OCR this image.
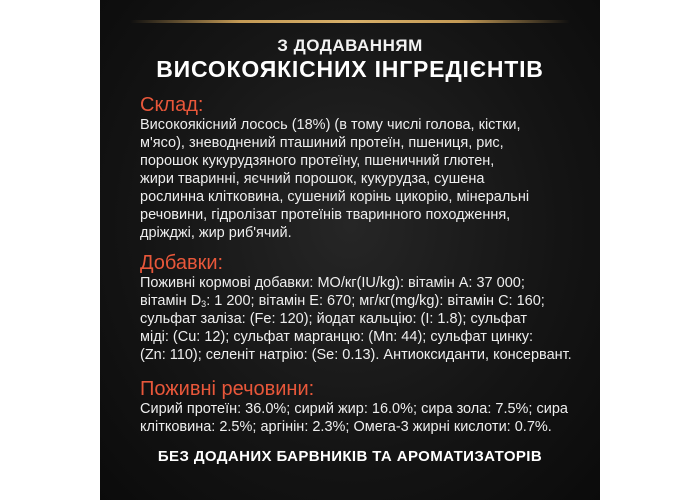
З ДОДАВАННЯМ
ВИСОКОЯКІСНИХ ІНГРЕДІЄНТІВ
Склад:
Високоякісний лосось (18%) (в тому числі голова, кістки,
м'ясо), зневоднений пташиний протеїн, пшениця, рис,
порошок кукурудзяного протеїну, пшеничний глютен,
жири тваринні, яєчний порошок, кукурудза, сушена
рослинна клітковина, сушений корінь цикорію, мінеральні
речовини, гідролізат протеїнів тваринного походження,
дріжджі, жир риб'ячий.
Добавки:
Поживні кормові добавки: МО/кг(IU/kg): вітамін А: 37 000;
вітамін $D_3$: 1 200; вітамін Е: 670; мг/кг(mg/kg): вітамін С: 160;
сульфат заліза: (Fe: 120); йодат кальцію: (I: 1.8); сульфат
міді: (Cu: 12); сульфат марганцю: (Mn: 44); сульфат цинку:
(Zn: 110); селеніт натрію: (Se: 0.13). Антиоксиданти, консервант.
Поживні речовини:
Сирий протеїн: 36.0%; сирий жир: 16.0%; сира зола: 7.5%; сира
клітковина: 2.5%; аргінін: 2.3%; Омега-3 жирні кислоти: 0.7%.
БЕЗ ДОДАНИХ БАРВНИКІВ ТА АРОМАТИЗАТОРІВ
